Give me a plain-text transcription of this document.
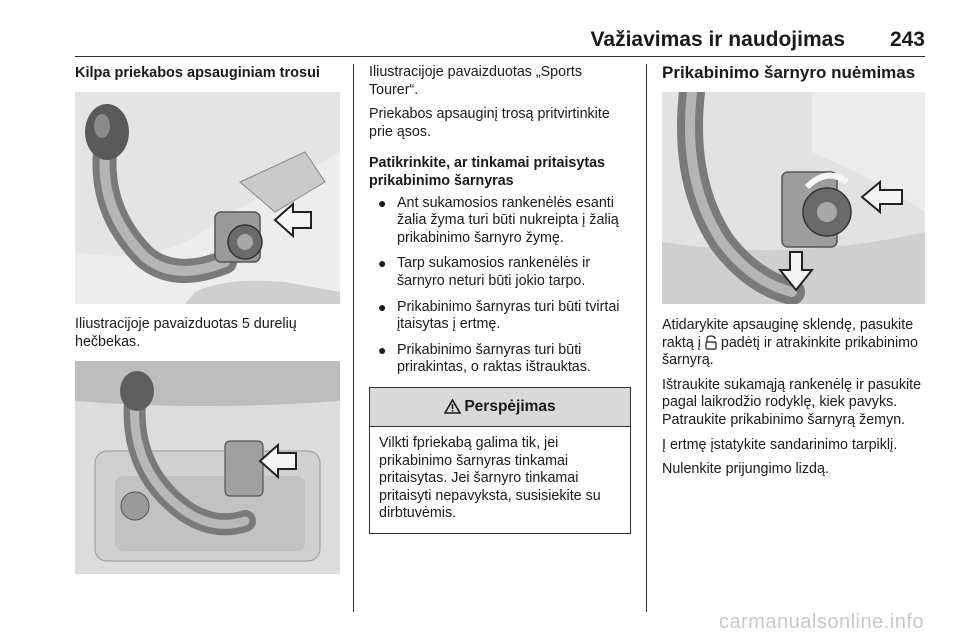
Važiavimas ir naudojimas 243
Kilpa priekabos apsauginiam trosui

Iliustracijoje pavaizduotas 5 durelių hečbekas.

Iliustracijoje pavaizduotas „Sports Tourer“.

Priekabos apsauginį trosą pritvirtinkite prie ąsos.

Patikrinkite, ar tinkamai pritaisytas prikabinimo šarnyras

● Ant sukamosios rankenėlės esanti žalia žyma turi būti nukreipta į žalią prikabinimo šarnyro žymę.
● Tarp sukamosios rankenėlės ir šarnyro neturi būti jokio tarpo.
● Prikabinimo šarnyras turi būti tvirtai įtaisytas į ertmę.
● Prikabinimo šarnyras turi būti prirakintas, o raktas ištrauktas.
Perspėjimas
Vilkti fpriekabą galima tik, jei prikabinimo šarnyras tinkamai pritaisytas. Jei šarnyro tinkamai pritaisyti nepavyksta, susisiekite su dirbtuvėmis.
Prikabinimo šarnyro nuėmimas

Atidarykite apsauginę sklendę, pasukite raktą į padėtį ir atrakinkite prikabinimo šarnyrą.

Ištraukite sukamąją rankenėlę ir pasukite pagal laikrodžio rodyklę, kiek pavyks. Patraukite prikabinimo šarnyrą žemyn.

Į ertmę įstatykite sandarinimo tarpiklį.

Nulenkite prijungimo lizdą.

carmanualsonline.info
